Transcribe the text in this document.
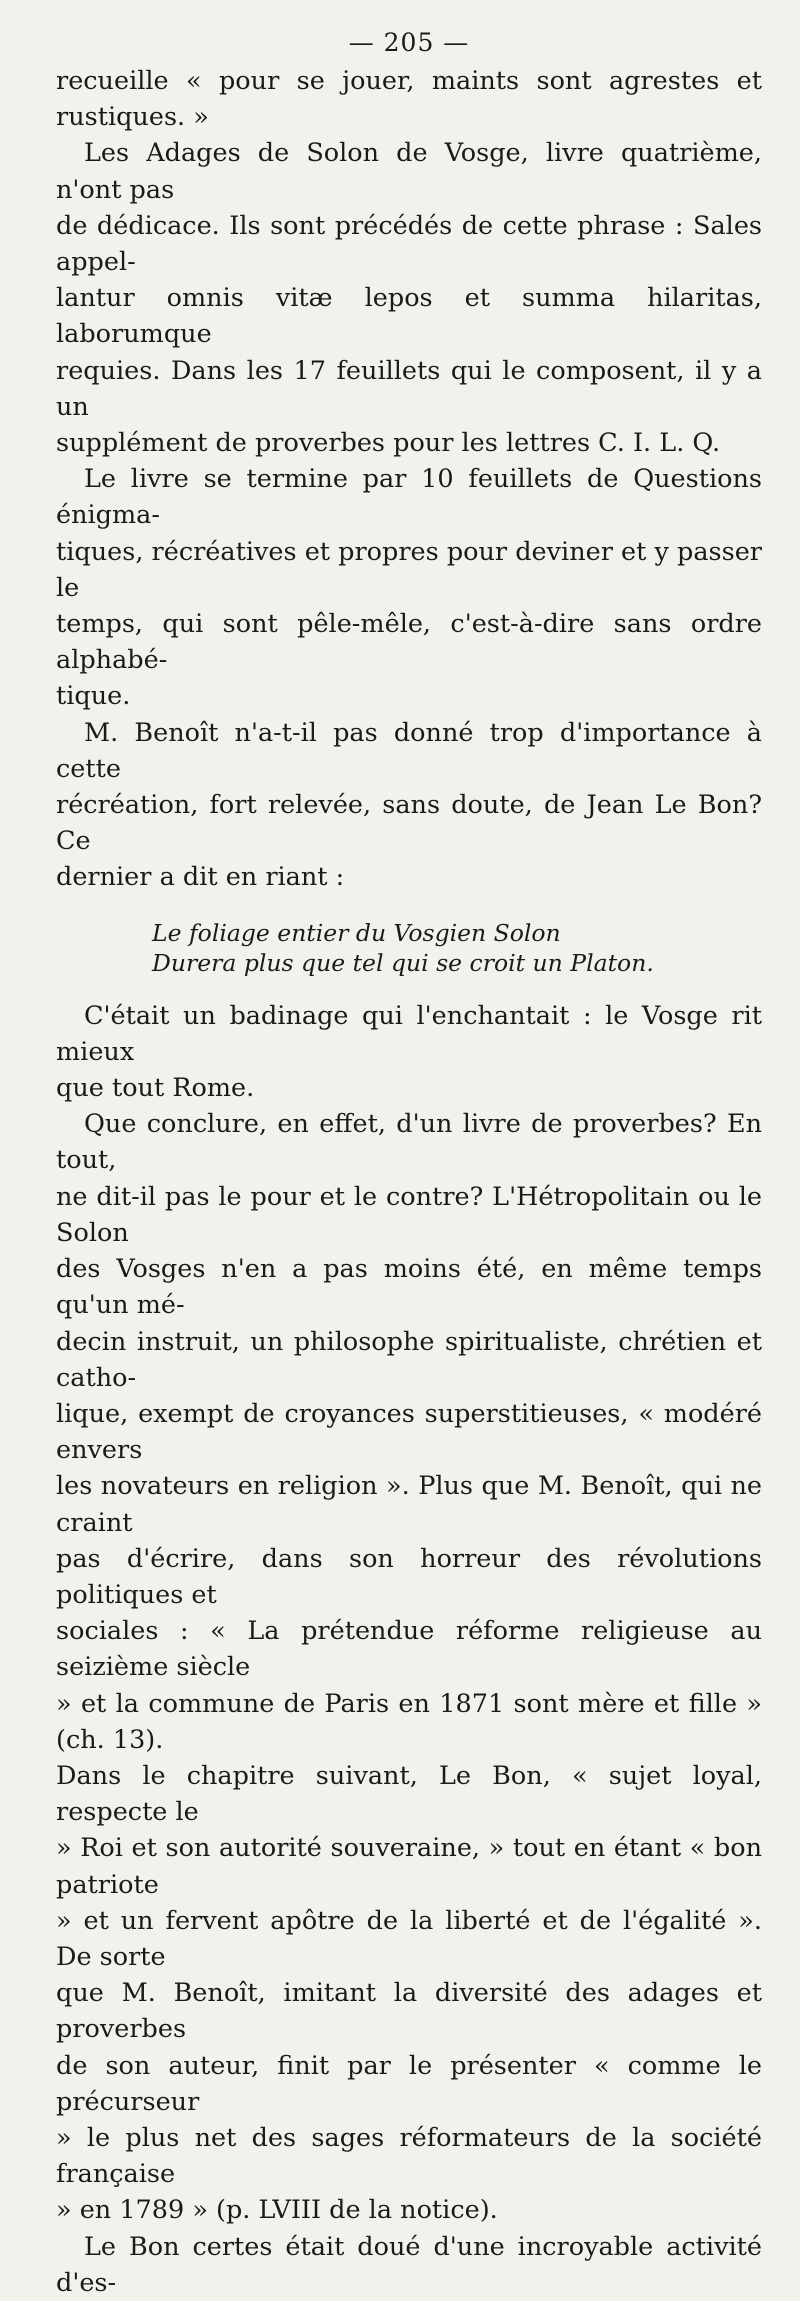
— 205 —

recueille « pour se jouer, maints sont agrestes et rustiques. »

Les Adages de Solon de Vosge, livre quatrième, n'ont pas
de dédicace. Ils sont précédés de cette phrase : Sales appel-
lantur omnis vitæ lepos et summa hilaritas, laborumque
requies. Dans les 17 feuillets qui le composent, il y a un
supplément de proverbes pour les lettres C. I. L. Q.

Le livre se termine par 10 feuillets de Questions énigma-
tiques, récréatives et propres pour deviner et y passer le
temps, qui sont pêle-mêle, c'est-à-dire sans ordre alphabé-
tique.

M. Benoît n'a-t-il pas donné trop d'importance à cette
récréation, fort relevée, sans doute, de Jean Le Bon? Ce
dernier a dit en riant :

Le foliage entier du Vosgien Solon
Durera plus que tel qui se croit un Platon.

C'était un badinage qui l'enchantait : le Vosge rit mieux
que tout Rome.

Que conclure, en effet, d'un livre de proverbes? En tout,
ne dit-il pas le pour et le contre? L'Hétropolitain ou le Solon
des Vosges n'en a pas moins été, en même temps qu'un mé-
decin instruit, un philosophe spiritualiste, chrétien et catho-
lique, exempt de croyances superstitieuses, « modéré envers
les novateurs en religion ». Plus que M. Benoît, qui ne craint
pas d'écrire, dans son horreur des révolutions politiques et
sociales : « La prétendue réforme religieuse au seizième siècle
» et la commune de Paris en 1871 sont mère et fille » (ch. 13).
Dans le chapitre suivant, Le Bon, « sujet loyal, respecte le
» Roi et son autorité souveraine, » tout en étant « bon patriote
» et un fervent apôtre de la liberté et de l'égalité ». De sorte
que M. Benoît, imitant la diversité des adages et proverbes
de son auteur, finit par le présenter « comme le précurseur
» le plus net des sages réformateurs de la société française
» en 1789 » (p. LVIII de la notice).

Le Bon certes était doué d'une incroyable activité d'es-
